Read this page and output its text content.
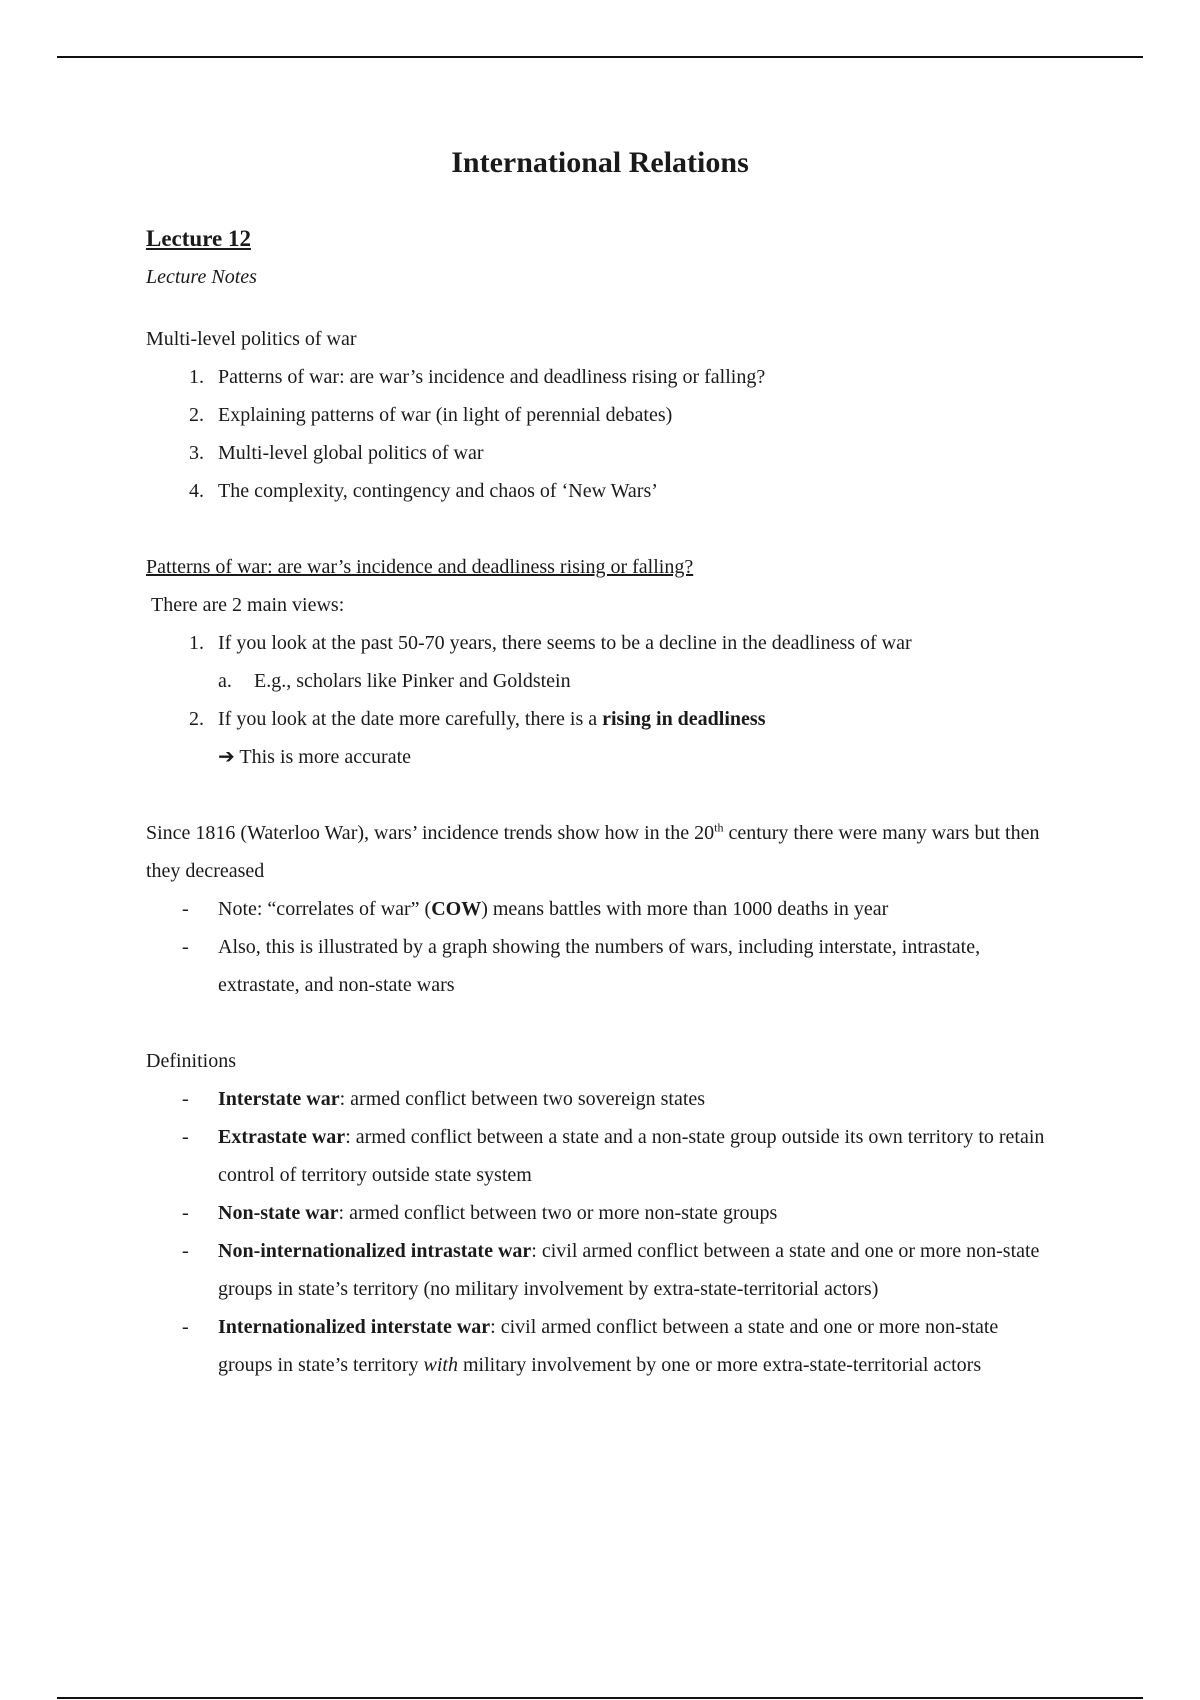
International Relations
Lecture 12
Lecture Notes
Multi-level politics of war
1. Patterns of war: are war’s incidence and deadliness rising or falling?
2. Explaining patterns of war (in light of perennial debates)
3. Multi-level global politics of war
4. The complexity, contingency and chaos of ‘New Wars’
Patterns of war: are war’s incidence and deadliness rising or falling?
There are 2 main views:
1. If you look at the past 50-70 years, there seems to be a decline in the deadliness of war
a. E.g., scholars like Pinker and Goldstein
2. If you look at the date more carefully, there is a rising in deadliness
➔ This is more accurate

Since 1816 (Waterloo War), wars’ incidence trends show how in the 20th century there were many wars but then they decreased

- Note: “correlates of war” (COW) means battles with more than 1000 deaths in year
- Also, this is illustrated by a graph showing the numbers of wars, including interstate, intrastate, extrastate, and non-state wars
Definitions
- Interstate war: armed conflict between two sovereign states
- Extrastate war: armed conflict between a state and a non-state group outside its own territory to retain control of territory outside state system
- Non-state war: armed conflict between two or more non-state groups
- Non-internationalized intrastate war: civil armed conflict between a state and one or more non-state groups in state’s territory (no military involvement by extra-state-territorial actors)
- Internationalized interstate war: civil armed conflict between a state and one or more non-state groups in state’s territory with military involvement by one or more extra-state-territorial actors
